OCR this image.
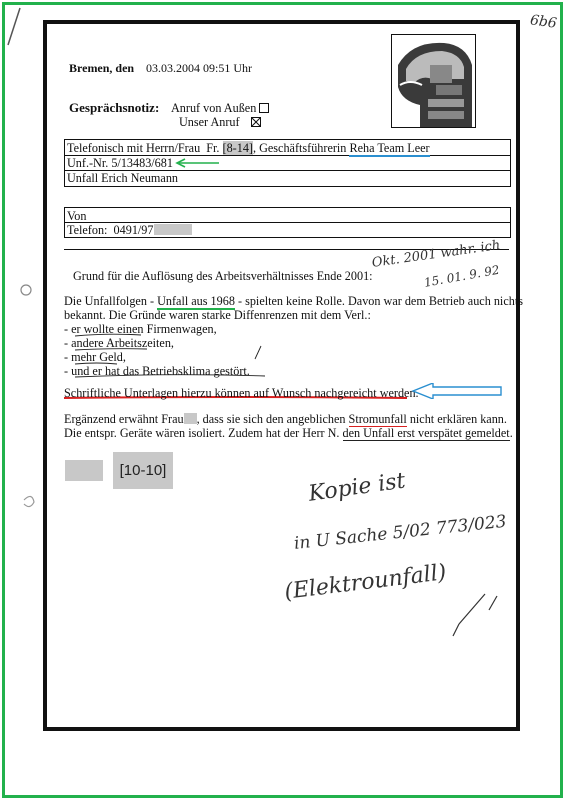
6b6
Bremen, den 03.03.2004 09:51 Uhr
Gesprächsnotiz: Anruf von Außen
Unser Anruf
Telefonisch mit Herrn/Frau Fr. [8-14], Geschäftsführerin Reha Team Leer
Unf.-Nr. 5/13483/681
Unfall Erich Neumann
Von
Telefon: 0491/97
Grund für die Auflösung des Arbeitsverhältnisses Ende 2001:
Die Unfallfolgen - Unfall aus 1968 - spielten keine Rolle. Davon war dem Betrieb auch nichts
bekannt. Die Gründe waren starke Diffenrenzen mit dem Verl.:
- er wollte einen Firmenwagen,
- andere Arbeitszeiten,
- mehr Geld,
- und er hat das Betriebsklima gestört.
Schriftliche Unterlagen hierzu können auf Wunsch nachgereicht werden.
Ergänzend erwähnt Frau , dass sie sich den angeblichen Stromunfall nicht erklären kann.
Die entspr. Geräte wären isoliert. Zudem hat der Herr N. den Unfall erst verspätet gemeldet.
[10-10]
Okt. 2001 wahr. ich
15. 01. 9. 92
Kopie ist
in U Sache 5/02 773/023
(Elektrounfall)
